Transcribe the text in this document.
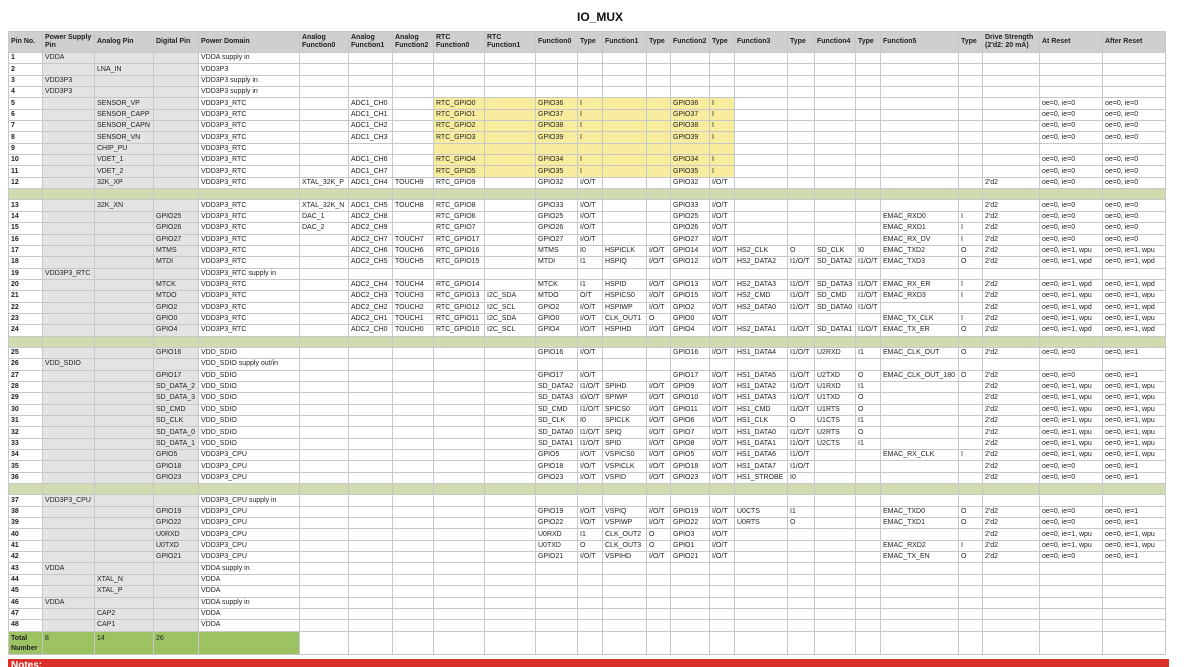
IO_MUX
Pin No.	Power Supply Pin	Analog Pin	Digital Pin	Power Domain	Analog Function0	Analog Function1	Analog Function2	RTC Function0	RTC Function1	Function0	Type	Function1	Type	Function2	Type	Function3	Type	Function4	Type	Function5	Type	Drive Strength (2'd2: 20 mA)	At Reset	After Reset
1	VDDA			VDDA supply in																				
2		LNA_IN		VDD3P3																				
3	VDD3P3			VDD3P3 supply in																				
4	VDD3P3			VDD3P3 supply in																				
5		SENSOR_VP		VDD3P3_RTC		ADC1_CH0		RTC_GPIO0		GPIO36	I			GPIO36	I								oe=0, ie=0	oe=0, ie=0
6		SENSOR_CAPP		VDD3P3_RTC		ADC1_CH1		RTC_GPIO1		GPIO37	I			GPIO37	I								oe=0, ie=0	oe=0, ie=0
7		SENSOR_CAPN		VDD3P3_RTC		ADC1_CH2		RTC_GPIO2		GPIO38	I			GPIO38	I								oe=0, ie=0	oe=0, ie=0
8		SENSOR_VN		VDD3P3_RTC		ADC1_CH3		RTC_GPIO3		GPIO39	I			GPIO39	I								oe=0, ie=0	oe=0, ie=0
9		CHIP_PU		VDD3P3_RTC																				
10		VDET_1		VDD3P3_RTC		ADC1_CH6		RTC_GPIO4		GPIO34	I			GPIO34	I								oe=0, ie=0	oe=0, ie=0
11		VDET_2		VDD3P3_RTC		ADC1_CH7		RTC_GPIO5		GPIO35	I			GPIO35	I								oe=0, ie=0	oe=0, ie=0
12		32K_XP		VDD3P3_RTC	XTAL_32K_P	ADC1_CH4	TOUCH9	RTC_GPIO9		GPIO32	I/O/T			GPIO32	I/O/T							2'd2	oe=0, ie=0	oe=0, ie=0

13		32K_XN		VDD3P3_RTC	XTAL_32K_N	ADC1_CH5	TOUCH8	RTC_GPIO8		GPIO33	I/O/T			GPIO33	I/O/T							2'd2	oe=0, ie=0	oe=0, ie=0
14			GPIO25	VDD3P3_RTC	DAC_1	ADC2_CH8		RTC_GPIO6		GPIO25	I/O/T			GPIO25	I/O/T					EMAC_RXD0	I	2'd2	oe=0, ie=0	oe=0, ie=0
15			GPIO26	VDD3P3_RTC	DAC_2	ADC2_CH9		RTC_GPIO7		GPIO26	I/O/T			GPIO26	I/O/T					EMAC_RXD1	I	2'd2	oe=0, ie=0	oe=0, ie=0
16			GPIO27	VDD3P3_RTC		ADC2_CH7	TOUCH7	RTC_GPIO17		GPIO27	I/O/T			GPIO27	I/O/T					EMAC_RX_DV	I	2'd2	oe=0, ie=0	oe=0, ie=0
17			MTMS	VDD3P3_RTC		ADC2_CH6	TOUCH6	RTC_GPIO16		MTMS	I0	HSPICLK	I/O/T	GPIO14	I/O/T	HS2_CLK	O	SD_CLK	I0	EMAC_TXD2	O	2'd2	oe=0, ie=1, wpu	oe=0, ie=1, wpu
18			MTDI	VDD3P3_RTC		ADC2_CH5	TOUCH5	RTC_GPIO15		MTDI	I1	HSPIQ	I/O/T	GPIO12	I/O/T	HS2_DATA2	I1/O/T	SD_DATA2	I1/O/T	EMAC_TXD3	O	2'd2	oe=0, ie=1, wpd	oe=0, ie=1, wpd
19	VDD3P3_RTC			VDD3P3_RTC supply in																				
20			MTCK	VDD3P3_RTC		ADC2_CH4	TOUCH4	RTC_GPIO14		MTCK	I1	HSPID	I/O/T	GPIO13	I/O/T	HS2_DATA3	I1/O/T	SD_DATA3	I1/O/T	EMAC_RX_ER	I	2'd2	oe=0, ie=1, wpd	oe=0, ie=1, wpd
21			MTDO	VDD3P3_RTC		ADC2_CH3	TOUCH3	RTC_GPIO13	I2C_SDA	MTDO	O/T	HSPICS0	I/O/T	GPIO15	I/O/T	HS2_CMD	I1/O/T	SD_CMD	I1/O/T	EMAC_RXD3	I	2'd2	oe=0, ie=1, wpu	oe=0, ie=1, wpu
22			GPIO2	VDD3P3_RTC		ADC2_CH2	TOUCH2	RTC_GPIO12	I2C_SCL	GPIO2	I/O/T	HSPIWP	I/O/T	GPIO2	I/O/T	HS2_DATA0	I1/O/T	SD_DATA0	I1/O/T			2'd2	oe=0, ie=1, wpd	oe=0, ie=1, wpd
23			GPIO0	VDD3P3_RTC		ADC2_CH1	TOUCH1	RTC_GPIO11	I2C_SDA	GPIO0	I/O/T	CLK_OUT1	O	GPIO0	I/O/T					EMAC_TX_CLK	I	2'd2	oe=0, ie=1, wpu	oe=0, ie=1, wpu
24			GPIO4	VDD3P3_RTC		ADC2_CH0	TOUCH0	RTC_GPIO10	I2C_SCL	GPIO4	I/O/T	HSPIHD	I/O/T	GPIO4	I/O/T	HS2_DATA1	I1/O/T	SD_DATA1	I1/O/T	EMAC_TX_ER	O	2'd2	oe=0, ie=1, wpd	oe=0, ie=1, wpd

25			GPIO16	VDD_SDIO						GPIO16	I/O/T			GPIO16	I/O/T	HS1_DATA4	I1/O/T	U2RXD	I1	EMAC_CLK_OUT	O	2'd2	oe=0, ie=0	oe=0, ie=1
26	VDD_SDIO			VDD_SDIO supply out/in																				
27			GPIO17	VDD_SDIO						GPIO17	I/O/T			GPIO17	I/O/T	HS1_DATA5	I1/O/T	U2TXD	O	EMAC_CLK_OUT_180	O	2'd2	oe=0, ie=0	oe=0, ie=1
28			SD_DATA_2	VDD_SDIO						SD_DATA2	I1/O/T	SPIHD	I/O/T	GPIO9	I/O/T	HS1_DATA2	I1/O/T	U1RXD	I1			2'd2	oe=0, ie=1, wpu	oe=0, ie=1, wpu
29			SD_DATA_3	VDD_SDIO						SD_DATA3	I0/O/T	SPIWP	I/O/T	GPIO10	I/O/T	HS1_DATA3	I1/O/T	U1TXD	O			2'd2	oe=0, ie=1, wpu	oe=0, ie=1, wpu
30			SD_CMD	VDD_SDIO						SD_CMD	I1/O/T	SPICS0	I/O/T	GPIO11	I/O/T	HS1_CMD	I1/O/T	U1RTS	O			2'd2	oe=0, ie=1, wpu	oe=0, ie=1, wpu
31			SD_CLK	VDD_SDIO						SD_CLK	I0	SPICLK	I/O/T	GPIO6	I/O/T	HS1_CLK	O	U1CTS	I1			2'd2	oe=0, ie=1, wpu	oe=0, ie=1, wpu
32			SD_DATA_0	VDD_SDIO						SD_DATA0	I1/O/T	SPIQ	I/O/T	GPIO7	I/O/T	HS1_DATA0	I1/O/T	U2RTS	O			2'd2	oe=0, ie=1, wpu	oe=0, ie=1, wpu
33			SD_DATA_1	VDD_SDIO						SD_DATA1	I1/O/T	SPID	I/O/T	GPIO8	I/O/T	HS1_DATA1	I1/O/T	U2CTS	I1			2'd2	oe=0, ie=1, wpu	oe=0, ie=1, wpu
34			GPIO5	VDD3P3_CPU						GPIO5	I/O/T	VSPICS0	I/O/T	GPIO5	I/O/T	HS1_DATA6	I1/O/T			EMAC_RX_CLK	I	2'd2	oe=0, ie=1, wpu	oe=0, ie=1, wpu
35			GPIO18	VDD3P3_CPU						GPIO18	I/O/T	VSPICLK	I/O/T	GPIO18	I/O/T	HS1_DATA7	I1/O/T					2'd2	oe=0, ie=0	oe=0, ie=1
36			GPIO23	VDD3P3_CPU						GPIO23	I/O/T	VSPID	I/O/T	GPIO23	I/O/T	HS1_STROBE	I0					2'd2	oe=0, ie=0	oe=0, ie=1

37	VDD3P3_CPU			VDD3P3_CPU supply in																				
38			GPIO19	VDD3P3_CPU						GPIO19	I/O/T	VSPIQ	I/O/T	GPIO19	I/O/T	U0CTS	I1			EMAC_TXD0	O	2'd2	oe=0, ie=0	oe=0, ie=1
39			GPIO22	VDD3P3_CPU						GPIO22	I/O/T	VSPIWP	I/O/T	GPIO22	I/O/T	U0RTS	O			EMAC_TXD1	O	2'd2	oe=0, ie=0	oe=0, ie=1
40			U0RXD	VDD3P3_CPU						U0RXD	I1	CLK_OUT2	O	GPIO3	I/O/T							2'd2	oe=0, ie=1, wpu	oe=0, ie=1, wpu
41			U0TXD	VDD3P3_CPU						U0TXD	O	CLK_OUT3	O	GPIO1	I/O/T					EMAC_RXD2	I	2'd2	oe=0, ie=1, wpu	oe=0, ie=1, wpu
42			GPIO21	VDD3P3_CPU						GPIO21	I/O/T	VSPIHD	I/O/T	GPIO21	I/O/T					EMAC_TX_EN	O	2'd2	oe=0, ie=0	oe=0, ie=1
43	VDDA			VDDA supply in																				
44		XTAL_N		VDDA																				
45		XTAL_P		VDDA																				
46	VDDA			VDDA supply in																				
47		CAP2		VDDA																				
48		CAP1		VDDA																				
Total Number	8	14	26																					
Notes:
